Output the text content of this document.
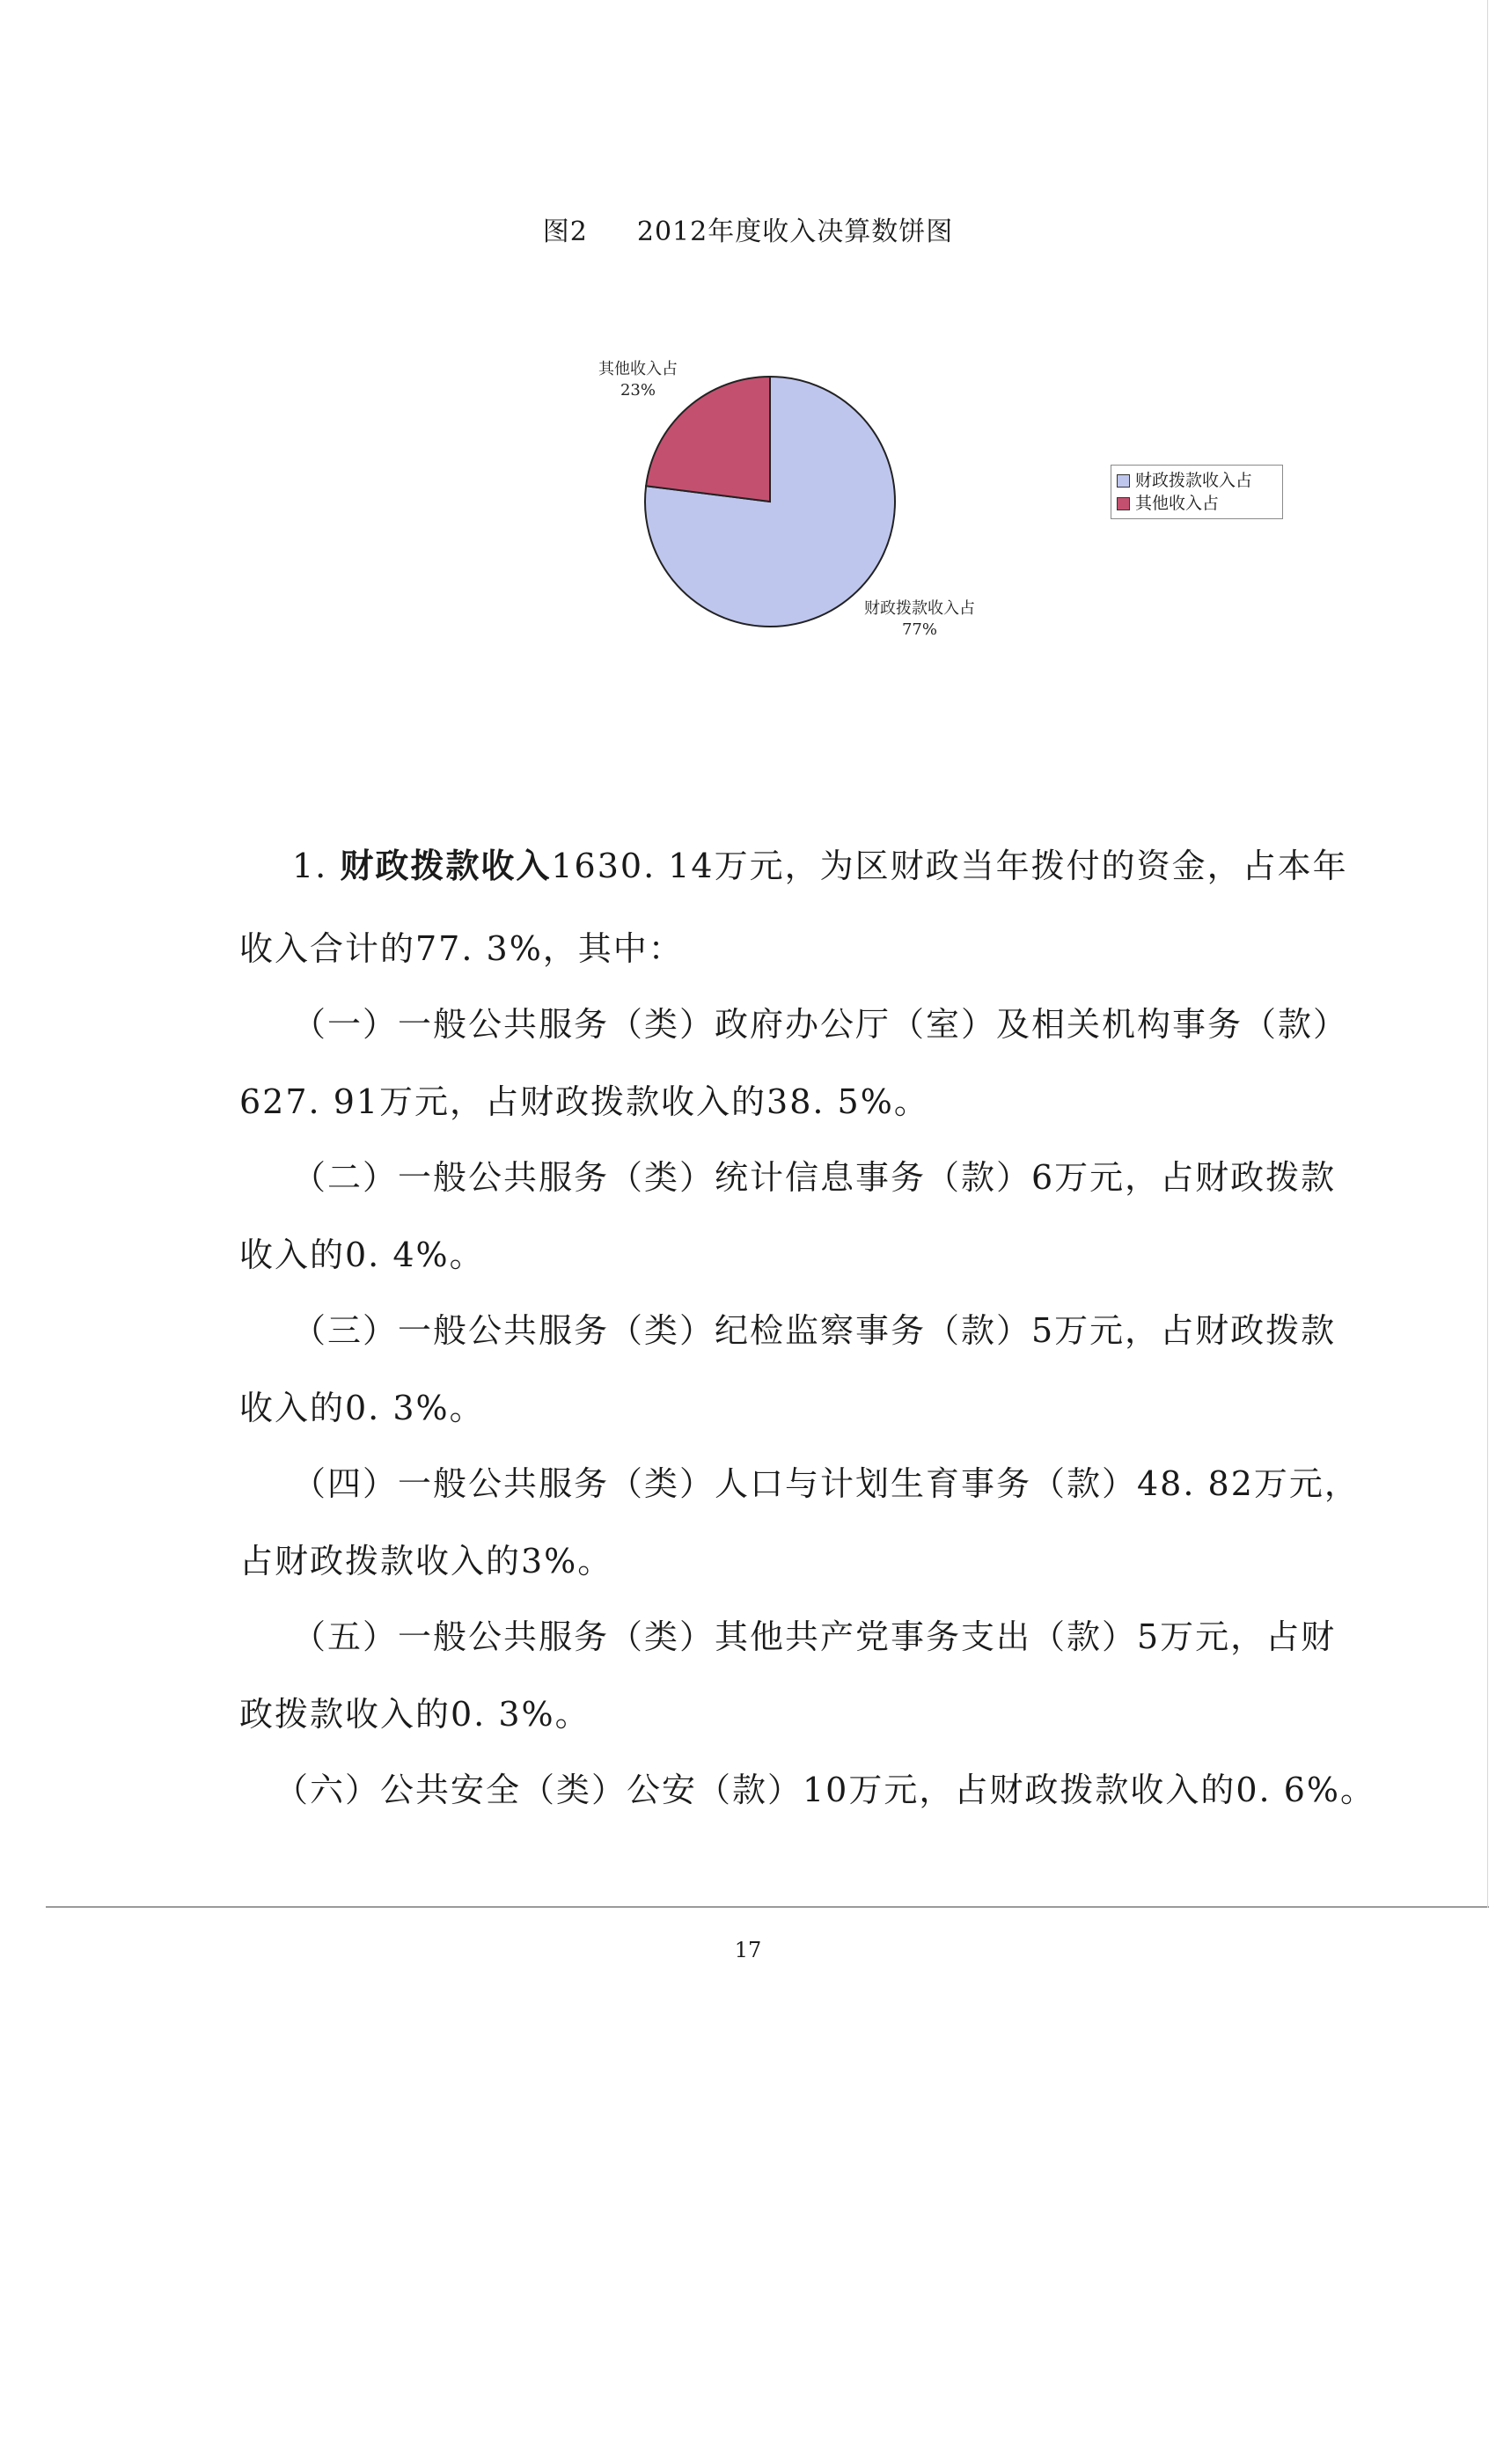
图2 2012年度收入决算数饼图
其他收入占
23%
财政拨款收入占
77%
财政拨款收入占
其他收入占
1. 财政拨款收入1630. 14万元，为区财政当年拨付的资金，占本年
收入合计的77. 3%，其中：
（一）一般公共服务（类）政府办公厅（室）及相关机构事务（款）
627. 91万元，占财政拨款收入的38. 5%。
（二）一般公共服务（类）统计信息事务（款）6万元，占财政拨款
收入的0. 4%。
（三）一般公共服务（类）纪检监察事务（款）5万元，占财政拨款
收入的0. 3%。
（四）一般公共服务（类）人口与计划生育事务（款）48. 82万元，
占财政拨款收入的3%。
（五）一般公共服务（类）其他共产党事务支出（款）5万元，占财
政拨款收入的0. 3%。
（六）公共安全（类）公安（款）10万元，占财政拨款收入的0. 6%。
17
